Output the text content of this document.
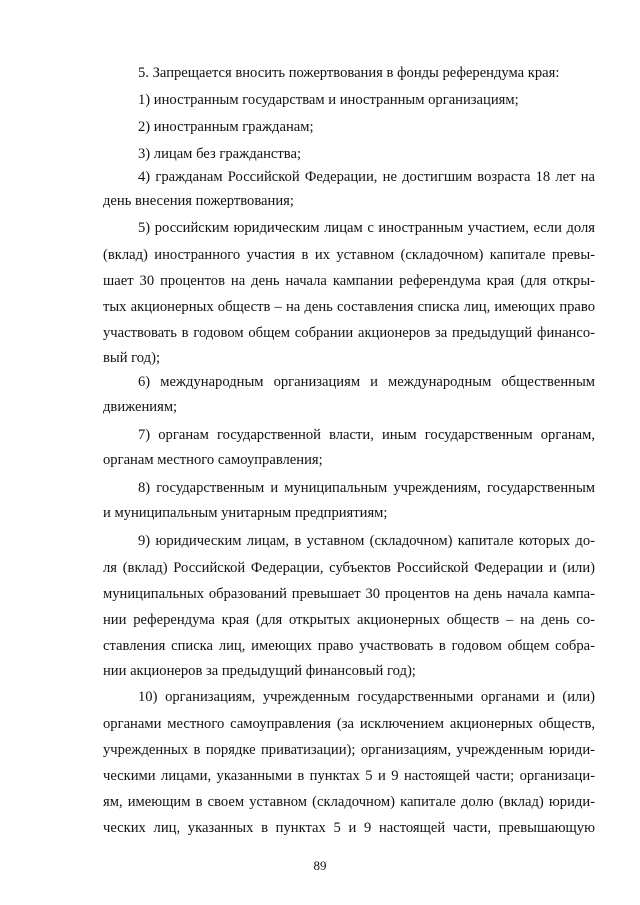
5. Запрещается вносить пожертвования в фонды референдума края:
1) иностранным государствам и иностранным организациям;
2) иностранным гражданам;
3) лицам без гражданства;
4) гражданам Российской Федерации, не достигшим возраста 18 лет на
день внесения пожертвования;
5) российским юридическим лицам с иностранным участием, если доля
(вклад) иностранного участия в их уставном (складочном) капитале превы-
шает 30 процентов на день начала кампании референдума края (для откры-
тых акционерных обществ – на день составления списка лиц, имеющих право
участвовать в годовом общем собрании акционеров за предыдущий финансо-
вый год);
6) международным организациям и международным общественным
движениям;
7) органам государственной власти, иным государственным органам,
органам местного самоуправления;
8) государственным и муниципальным учреждениям, государственным
и муниципальным унитарным предприятиям;
9) юридическим лицам, в уставном (складочном) капитале которых до-
ля (вклад) Российской Федерации, субъектов Российской Федерации и (или)
муниципальных образований превышает 30 процентов на день начала кампа-
нии референдума края (для открытых акционерных обществ – на день со-
ставления списка лиц, имеющих право участвовать в годовом общем собра-
нии акционеров за предыдущий финансовый год);
10) организациям, учрежденным государственными органами и (или)
органами местного самоуправления (за исключением акционерных обществ,
учрежденных в порядке приватизации); организациям, учрежденным юриди-
ческими лицами, указанными в пунктах 5 и 9 настоящей части; организаци-
ям, имеющим в своем уставном (складочном) капитале долю (вклад) юриди-
ческих лиц, указанных в пунктах 5 и 9 настоящей части, превышающую
89
